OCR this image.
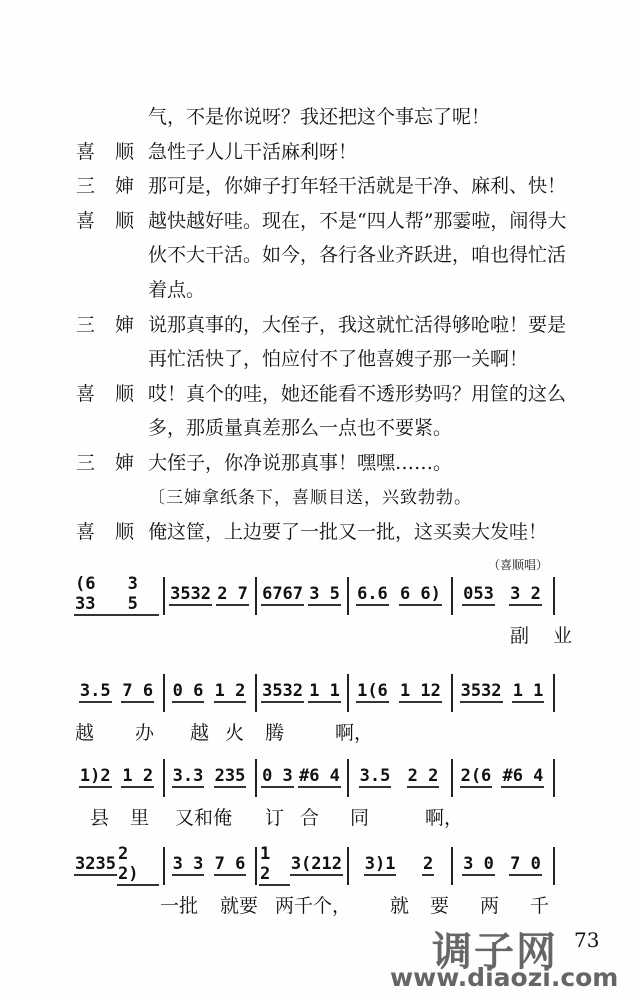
气，不是你说呀？我还把这个事忘了呢！
喜顺
急性子人儿干活麻利呀！
三婶
那可是，你婶子打年轻干活就是干净、麻利、快！
喜顺
越快越好哇。现在，不是“四人帮”那霎啦，闹得大
伙不大干活。如今，各行各业齐跃进，咱也得忙活
着点。
三婶
说那真事的，大侄子，我这就忙活得够呛啦！要是
再忙活快了，怕应付不了他喜嫂子那一关啊！
喜顺
哎！真个的哇，她还能看不透形势吗？用筐的这么
多，那质量真差那么一点也不要紧。
三婶
大侄子，你净说那真事！嘿嘿……。
〔三婶拿纸条下，喜顺目送，兴致勃勃。
喜顺
俺这筐，上边要了一批又一批，这买卖大发哇！
(6 33
3 5	3532 2 7 6767 3 5 6.6 6 6) 053 3 2
副 业
3.5 7 6 0 6 1 2 3532 1 1 1(6 1 12 3532 1 1
越 办 越 火 腾	啊，
1)2 1 2 3.3 235 0 3 #6 4 3.5 2 2 2(6 #6 4
县 里 又和俺 订 合 同	啊，
3235 2 2)	3 3 7 6 1 2	3(212 3)1 2 3 0 7 0
一批 就要 两千个， 就 要 两 千
（喜顺唱）
73
调子网
www.diaozi.com
